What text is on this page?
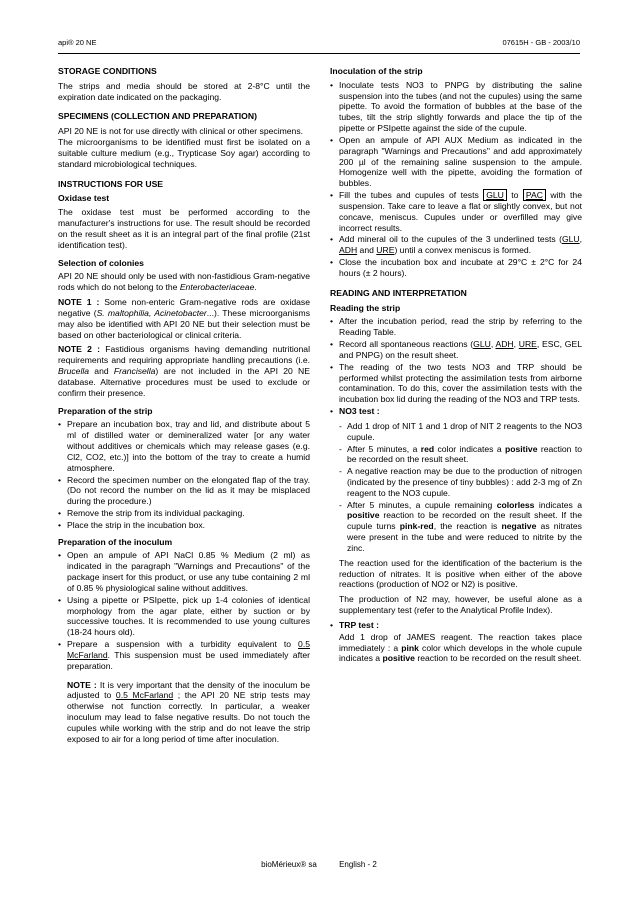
api® 20 NE	07615H - GB - 2003/10
STORAGE CONDITIONS

The strips and media should be stored at 2-8°C until the expiration date indicated on the packaging.

SPECIMENS (COLLECTION AND PREPARATION)

API 20 NE is not for use directly with clinical or other specimens.

The microorganisms to be identified must first be isolated on a suitable culture medium (e.g., Trypticase Soy agar) according to standard microbiological techniques.

INSTRUCTIONS FOR USE
Oxidase test

The oxidase test must be performed according to the manufacturer's instructions for use. The result should be recorded on the result sheet as it is an integral part of the final profile (21st identification test).

Selection of colonies

API 20 NE should only be used with non-fastidious Gram-negative rods which do not belong to the Enterobacteriaceae.

NOTE 1 : Some non-enteric Gram-negative rods are oxidase negative (S. maltophilia, Acinetobacter...). These microorganisms may also be identified with API 20 NE but their selection must be based on other bacteriological or clinical criteria.

NOTE 2 : Fastidious organisms having demanding nutritional requirements and requiring appropriate handling precautions (i.e. Brucella and Francisella) are not included in the API 20 NE database. Alternative procedures must be used to exclude or confirm their presence.

Preparation of the strip
• Prepare an incubation box, tray and lid, and distribute about 5 ml of distilled water or demineralized water [or any water without additives or chemicals which may release gases (e.g. Cl2, CO2, etc.)] into the bottom of the tray to create a humid atmosphere.
• Record the specimen number on the elongated flap of the tray. (Do not record the number on the lid as it may be misplaced during the procedure.)
• Remove the strip from its individual packaging.
• Place the strip in the incubation box.
Preparation of the inoculum
• Open an ampule of API NaCl 0.85 % Medium (2 ml) as indicated in the paragraph "Warnings and Precautions" of the package insert for this product, or use any tube containing 2 ml of 0.85 % physiological saline without additives.
• Using a pipette or PSIpette, pick up 1-4 colonies of identical morphology from the agar plate, either by suction or by successive touches. It is recommended to use young cultures (18-24 hours old).
• Prepare a suspension with a turbidity equivalent to 0.5 McFarland. This suspension must be used immediately after preparation.

NOTE : It is very important that the density of the inoculum be adjusted to 0.5 McFarland ; the API 20 NE strip tests may otherwise not function correctly. In particular, a weaker inoculum may lead to false negative results. Do not touch the cupules while working with the strip and do not leave the strip exposed to air for a long period of time after inoculation.

Inoculation of the strip
• Inoculate tests NO3 to PNPG by distributing the saline suspension into the tubes (and not the cupules) using the same pipette. To avoid the formation of bubbles at the base of the tubes, tilt the strip slightly forwards and place the tip of the pipette or PSIpette against the side of the cupule.
• Open an ampule of API AUX Medium as indicated in the paragraph "Warnings and Precautions" and add approximately 200 µl of the remaining saline suspension to the ampule. Homogenize well with the pipette, avoiding the formation of bubbles.
• Fill the tubes and cupules of tests GLU to PAC with the suspension. Take care to leave a flat or slightly convex, but not concave, meniscus. Cupules under or overfilled may give incorrect results.
• Add mineral oil to the cupules of the 3 underlined tests (GLU, ADH and URE) until a convex meniscus is formed.
• Close the incubation box and incubate at 29°C ± 2°C for 24 hours (± 2 hours).
READING AND INTERPRETATION
Reading the strip
• After the incubation period, read the strip by referring to the Reading Table.
• Record all spontaneous reactions (GLU, ADH, URE, ESC, GEL and PNPG) on the result sheet.
• The reading of the two tests NO3 and TRP should be performed whilst protecting the assimilation tests from airborne contamination. To do this, cover the assimilation tests with the incubation box lid during the reading of the NO3 and TRP tests.
• NO3 test :
- Add 1 drop of NIT 1 and 1 drop of NIT 2 reagents to the NO3 cupule.
- After 5 minutes, a red color indicates a positive reaction to be recorded on the result sheet.
- A negative reaction may be due to the production of nitrogen (indicated by the presence of tiny bubbles) : add 2-3 mg of Zn reagent to the NO3 cupule.
- After 5 minutes, a cupule remaining colorless indicates a positive reaction to be recorded on the result sheet. If the cupule turns pink-red, the reaction is negative as nitrates were present in the tube and were reduced to nitrite by the zinc.

The reaction used for the identification of the bacterium is the reduction of nitrates. It is positive when either of the above reactions (production of NO2 or N2) is positive.

The production of N2 may, however, be useful alone as a supplementary test (refer to the Analytical Profile Index).

• TRP test :

Add 1 drop of JAMES reagent. The reaction takes place immediately : a pink color which develops in the whole cupule indicates a positive reaction to be recorded on the result sheet.

bioMérieux® sa	English - 2
